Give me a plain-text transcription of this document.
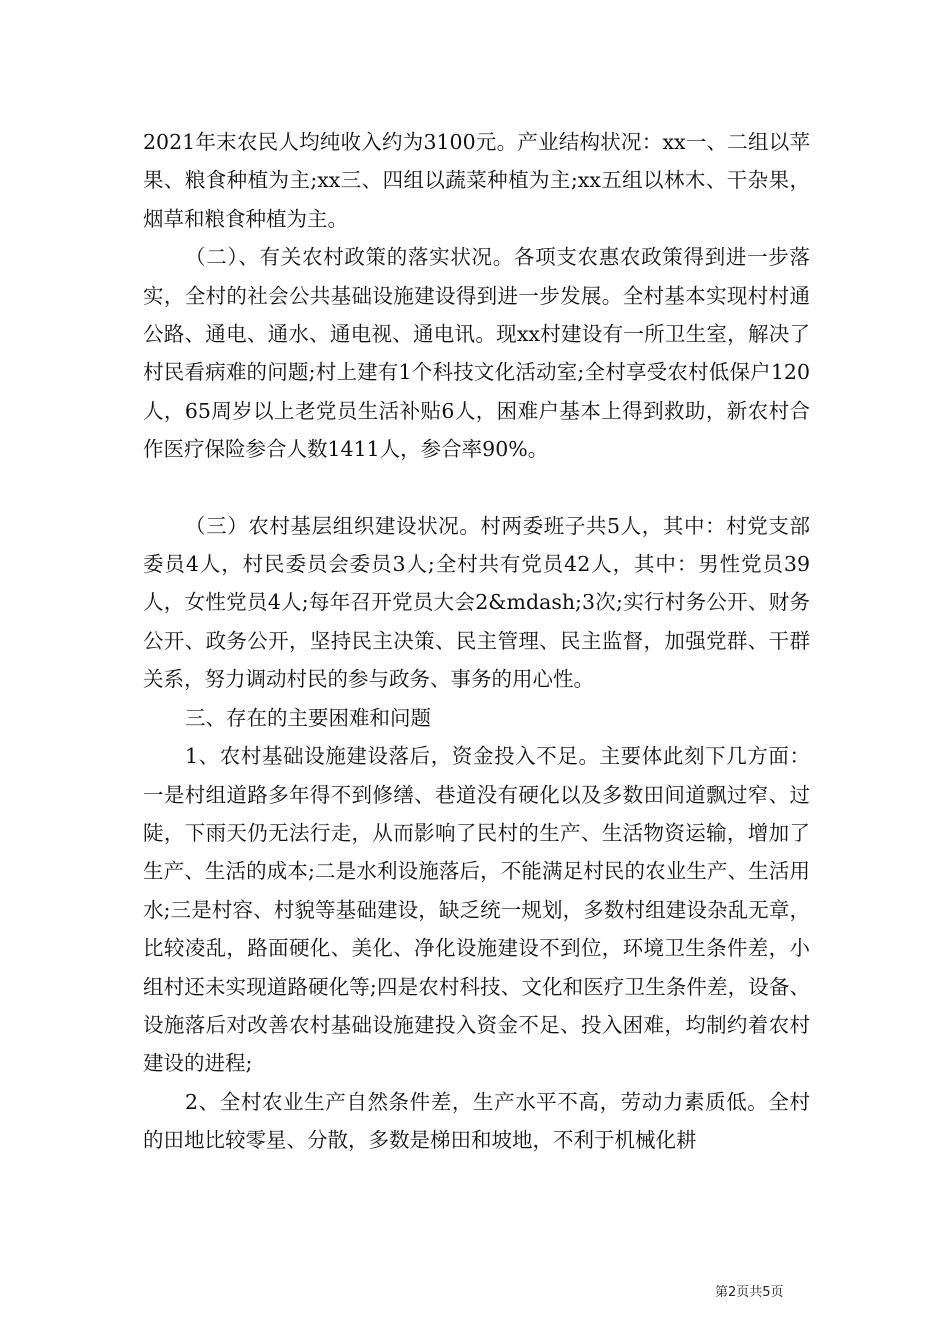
2021年末农民人均纯收入约为3100元。产业结构状况：xx一、二组以苹果、粮食种植为主;xx三、四组以蔬菜种植为主;xx五组以林木、干杂果，烟草和粮食种植为主。

（二）、有关农村政策的落实状况。各项支农惠农政策得到进一步落实，全村的社会公共基础设施建设得到进一步发展。全村基本实现村村通公路、通电、通水、通电视、通电讯。现xx村建设有一所卫生室，解决了村民看病难的问题;村上建有1个科技文化活动室;全村享受农村低保户120人，65周岁以上老党员生活补贴6人，困难户基本上得到救助，新农村合作医疗保险参合人数1411人，参合率90%。

（三）农村基层组织建设状况。村两委班子共5人，其中：村党支部委员4人，村民委员会委员3人;全村共有党员42人，其中：男性党员39人，女性党员4人;每年召开党员大会2&mdash;3次;实行村务公开、财务公开、政务公开，坚持民主决策、民主管理、民主监督，加强党群、干群关系，努力调动村民的参与政务、事务的用心性。

三、存在的主要困难和问题

1、农村基础设施建设落后，资金投入不足。主要体此刻下几方面：一是村组道路多年得不到修缮、巷道没有硬化以及多数田间道飘过窄、过陡，下雨天仍无法行走，从而影响了民村的生产、生活物资运输，增加了生产、生活的成本;二是水利设施落后，不能满足村民的农业生产、生活用水;三是村容、村貌等基础建设，缺乏统一规划，多数村组建设杂乱无章，比较凌乱，路面硬化、美化、净化设施建设不到位，环境卫生条件差，小组村还未实现道路硬化等;四是农村科技、文化和医疗卫生条件差，设备、设施落后对改善农村基础设施建投入资金不足、投入困难，均制约着农村建设的进程;

2、全村农业生产自然条件差，生产水平不高，劳动力素质低。全村的田地比较零星、分散，多数是梯田和坡地，不利于机械化耕

第2页共5页
